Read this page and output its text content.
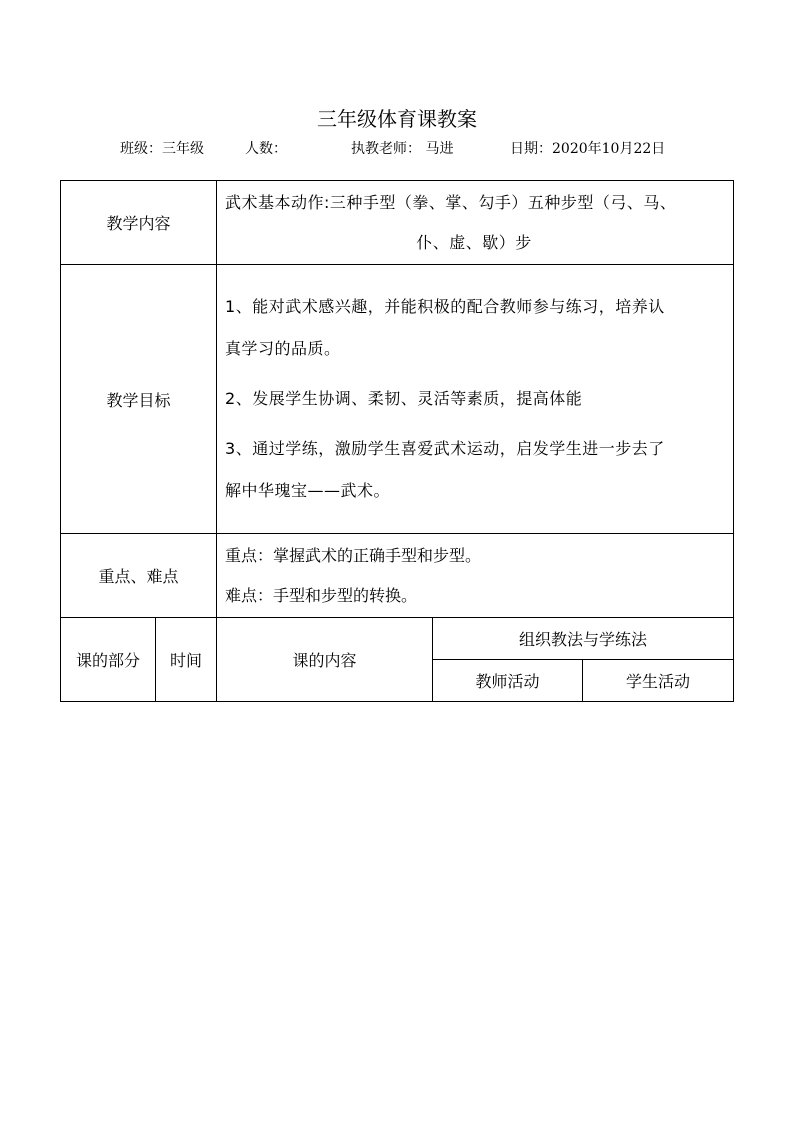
三年级体育课教案
班级：三年级	人数：	执教老师： 马进	日期：2020年10月22日
教学内容		武术基本动作:三种手型（拳、掌、勾手）五种步型（弓、马、
仆、虚、歇）步		

教学目标		1、能对武术感兴趣，并能积极的配合教师参与练习，培养认

真学习的品质。

2、发展学生协调、柔韧、灵活等素质，提高体能

3、通过学练，激励学生喜爱武术运动，启发学生进一步去了

解中华瑰宝——武术。		

重点、难点		重点：掌握武术的正确手型和步型。

难点：手型和步型的转换。		

课的部分	时间	课的内容	组织教法与学练法	
			教师活动	学生活动
